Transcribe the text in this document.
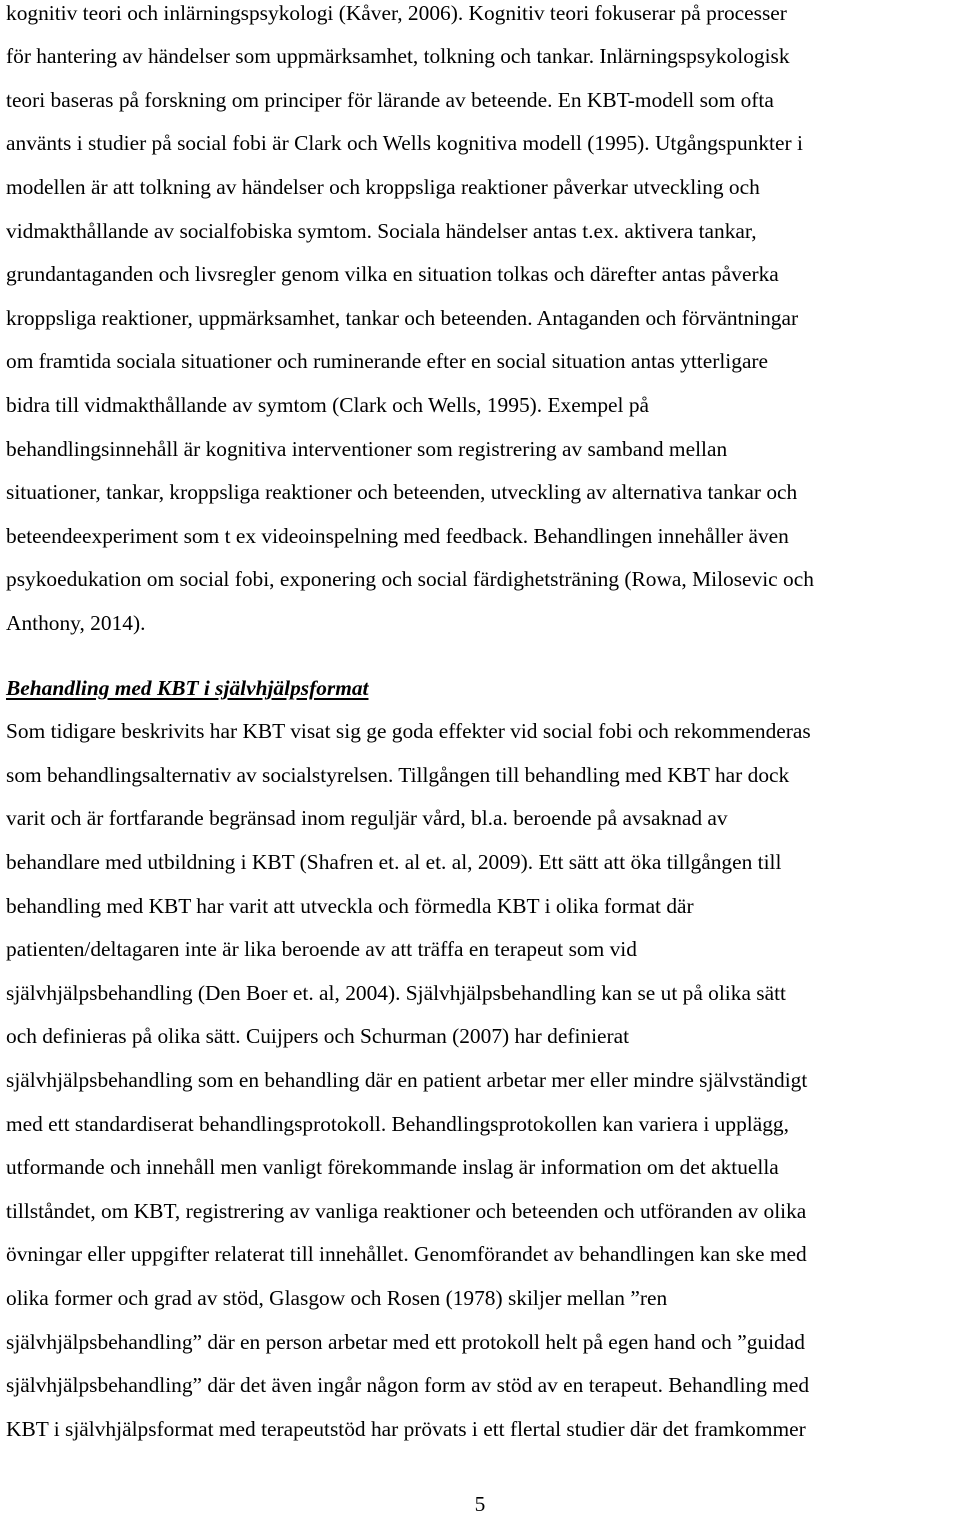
kognitiv teori och inlärningspsykologi (Kåver, 2006). Kognitiv teori fokuserar på processer
för hantering av händelser som uppmärksamhet, tolkning och tankar. Inlärningspsykologisk
teori baseras på forskning om principer för lärande av beteende. En KBT-modell som ofta
använts i studier på social fobi är Clark och Wells kognitiva modell (1995). Utgångspunkter i
modellen är att tolkning av händelser och kroppsliga reaktioner påverkar utveckling och
vidmakthållande av socialfobiska symtom. Sociala händelser antas t.ex. aktivera tankar,
grundantaganden och livsregler genom vilka en situation tolkas och därefter antas påverka
kroppsliga reaktioner, uppmärksamhet, tankar och beteenden. Antaganden och förväntningar
om framtida sociala situationer och ruminerande efter en social situation antas ytterligare
bidra till vidmakthållande av symtom (Clark och Wells, 1995). Exempel på
behandlingsinnehåll är kognitiva interventioner som registrering av samband mellan
situationer, tankar, kroppsliga reaktioner och beteenden, utveckling av alternativa tankar och
beteendeexperiment som t ex videoinspelning med feedback. Behandlingen innehåller även
psykoedukation om social fobi, exponering och social färdighetsträning (Rowa, Milosevic och
Anthony, 2014).
Behandling med KBT i självhjälpsformat
Som tidigare beskrivits har KBT visat sig ge goda effekter vid social fobi och rekommenderas
som behandlingsalternativ av socialstyrelsen. Tillgången till behandling med KBT har dock
varit och är fortfarande begränsad inom reguljär vård, bl.a. beroende på avsaknad av
behandlare med utbildning i KBT (Shafren et. al et. al, 2009). Ett sätt att öka tillgången till
behandling med KBT har varit att utveckla och förmedla KBT i olika format där
patienten/deltagaren inte är lika beroende av att träffa en terapeut som vid
självhjälpsbehandling (Den Boer et. al, 2004). Självhjälpsbehandling kan se ut på olika sätt
och definieras på olika sätt. Cuijpers och Schurman (2007) har definierat
självhjälpsbehandling som en behandling där en patient arbetar mer eller mindre självständigt
med ett standardiserat behandlingsprotokoll. Behandlingsprotokollen kan variera i upplägg,
utformande och innehåll men vanligt förekommande inslag är information om det aktuella
tillståndet, om KBT, registrering av vanliga reaktioner och beteenden och utföranden av olika
övningar eller uppgifter relaterat till innehållet. Genomförandet av behandlingen kan ske med
olika former och grad av stöd, Glasgow och Rosen (1978) skiljer mellan ”ren
självhjälpsbehandling” där en person arbetar med ett protokoll helt på egen hand och ”guidad
självhjälpsbehandling” där det även ingår någon form av stöd av en terapeut. Behandling med
KBT i självhjälpsformat med terapeutstöd har prövats i ett flertal studier där det framkommer
5
